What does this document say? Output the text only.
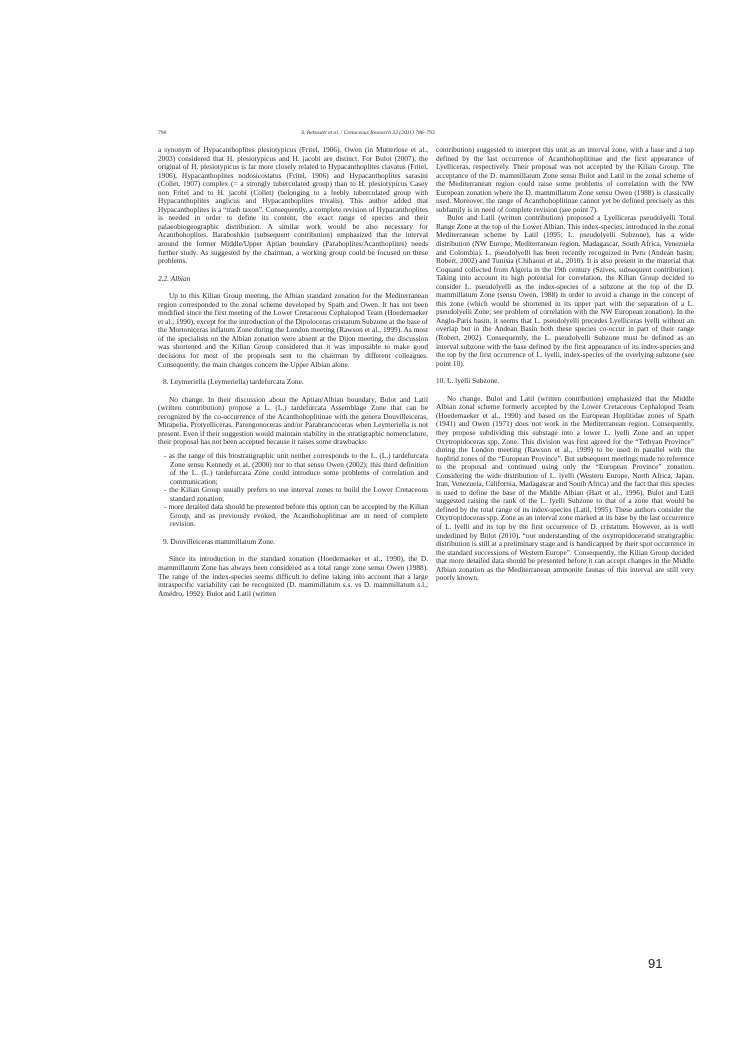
790	S. Reboulet et al. / Cretaceous Research 32 (2011) 786–793

a synonym of Hypacanthoplites plesiotypicus (Fritel, 1906). Owen (in Mutterlose et al., 2003) considered that H. plesiotypicus and H. jacobi are distinct. For Bulot (2007), the original of H. plesiotypicus is far more closely related to Hypacanthoplites clavatus (Fritel, 1906), Hypacanthoplites nodosicostatus (Fritel, 1906) and Hypacanthoplites sarasini (Collet, 1907) complex (= a strongly tuberculated group) than to H. plesiotypicus Casey non Fritel and to H. jacobi (Collet) (belonging to a feebly tuberculated group with Hypacanthoplites anglicus and Hypacanthoplites trivalis). This author added that Hypacanthoplites is a “trash taxon”. Consequently, a complete revision of Hypacanthoplites is needed in order to define its content, the exact range of species and their palaeobiogeographic distribution. A similar work would be also necessary for Acanthohoplites. Baraboshkin (subsequent contribution) emphasized that the interval around the former Middle/Upper Aptian boundary (Parahoplites/Acanthoplites) needs further study. As suggested by the chairman, a working group could be focused on these problems.

2.2. Albian

Up to this Kilian Group meeting, the Albian standard zonation for the Mediterranean region corresponded to the zonal scheme developed by Spath and Owen. It has not been modified since the first meeting of the Lower Cretaceous Cephalopod Team (Hoedemaeker et al., 1990), except for the introduction of the Dipoloceras cristatum Subzone at the base of the Mortoniceras inflatum Zone during the London meeting (Rawson et al., 1999). As most of the specialists on the Albian zonation were absent at the Dijon meeting, the discussion was shortened and the Kilian Group considered that it was impossible to make good decisions for most of the proposals sent to the chairman by different colleagues. Consequently, the main changes concern the Upper Albian alone.

8. Leymeriella (Leymeriella) tardefurcata Zone.

No change. In their discussion about the Aptian/Albian boundary, Bulot and Latil (written contribution) propose a L. (L.) tardefurcata Assemblage Zone that can be recognized by the co-occurrence of the Acanthohoplitinae with the genera Douvilleiceras, Mirapelia, Protyelliceras, Parengonoceras and/or Parabrancoceras when Leymeriella is not present. Even if their suggestion would maintain stability in the stratigraphic nomenclature, their proposal has not been accepted because it raises some drawbacks:

- as the range of this biostratigraphic unit neither corresponds to the L. (L.) tardefurcata Zone sensu Kennedy et al. (2000) nor to that sensu Owen (2002); this third definition of the L. (L.) tardefurcata Zone could introduce some problems of correlation and communication;
- the Kilian Group usually prefers to use interval zones to build the Lower Cretaceous standard zonation;
- more detailed data should be presented before this option can be accepted by the Kilian Group, and as previously evoked, the Acanthohoplitinae are in need of complete revision.

9. Douvilleiceras mammillatum Zone.

Since its introduction in the standard zonation (Hoedemaeker et al., 1990), the D. mammillatum Zone has always been considered as a total range zone sensu Owen (1988). The range of the index-species seems difficult to define taking into account that a large intraspecific variability can be recognized (D. mammillatum s.s. vs D. mammillatum s.l.; Amédro, 1992). Bulot and Latil (written

contribution) suggested to interpret this unit as an interval zone, with a base and a top defined by the last occurrence of Acanthohoplitinae and the first appearance of Lyelliceras, respectively. Their proposal was not accepted by the Kilian Group. The acceptance of the D. mammillatum Zone sensu Bulot and Latil in the zonal scheme of the Mediterranean region could raise some problems of correlation with the NW European zonation where the D. mammillatum Zone sensu Owen (1988) is classically used. Moreover, the range of Acanthohoplitinae cannot yet be defined precisely as this subfamily is in need of complete revision (see point 7).

Bulot and Latil (written contribution) proposed a Lyelliceras pseudolyelli Total Range Zone at the top of the Lower Albian. This index-species, introduced in the zonal Mediterranean scheme by Latil (1995; L. pseudolyelli Subzone), has a wide distribution (NW Europe, Mediterranean region, Madagascar, South Africa, Venezuela and Colombia). L. pseudolyelli has been recently recognized in Peru (Andean basin; Robert, 2002) and Tunisia (Chihaoui et al., 2010). It is also present in the material that Coquand collected from Algeria in the 19th century (Szives, subsequent contribution). Taking into account its high potential for correlation, the Kilian Group decided to consider L. pseudolyelli as the index-species of a subzone at the top of the D. mammillatum Zone (sensu Owen, 1988) in order to avoid a change in the concept of this zone (which would be shortened in its upper part with the separation of a L. pseudolyelli Zone; see problem of correlation with the NW European zonation). In the Anglo-Paris basin, it seems that L. pseudolyelli precedes Lyelliceras lyelli without an overlap but in the Andean Basin both these species co-occur in part of their range (Robert, 2002). Consequently, the L. pseudolyelli Subzone must be defined as an interval subzone with the base defined by the first appearance of its index-species and the top by the first occurrence of L. lyelli, index-species of the overlying subzone (see point 10).

10. L. lyelli Subzone.

No change. Bulot and Latil (written contribution) emphasized that the Middle Albian zonal scheme formerly accepted by the Lower Cretaceous Cephalopod Team (Hoedemaeker et al., 1990) and based on the European Hoplitidae zones of Spath (1941) and Owen (1971) does not work in the Mediterranean region. Consequently, they propose subdividing this substage into a lower L. lyelli Zone and an upper Oxytropidoceras spp. Zone. This division was first agreed for the “Tethyan Province” during the London meeting (Rawson et al., 1999) to be used in parallel with the hoplitid zones of the “European Province”. But subsequent meetings made no reference to the proposal and continued using only the “European Province” zonation. Considering the wide distribution of L. lyelli (Western Europe, North Africa, Japan, Iran, Venezuela, California, Madagascar and South Africa) and the fact that this species is used to define the base of the Middle Albian (Hart et al., 1996), Bulot and Latil suggested raising the rank of the L. lyelli Subzone to that of a zone that would be defined by the total range of its index-species (Latil, 1995). These authors consider the Oxytropidoceras spp. Zone as an interval zone marked at its base by the last occurrence of L. lyelli and its top by the first occurrence of D. cristatum. However, as is well underlined by Bulot (2010), “our understanding of the oxytropidoceratid stratigraphic distribution is still at a preliminary stage and is handicapped by their spot occurrence in the standard successions of Western Europe”. Consequently, the Kilian Group decided that more detailed data should be presented before it can accept changes in the Middle Albian zonation as the Mediterranean ammonite faunas of this interval are still very poorly known.

91
